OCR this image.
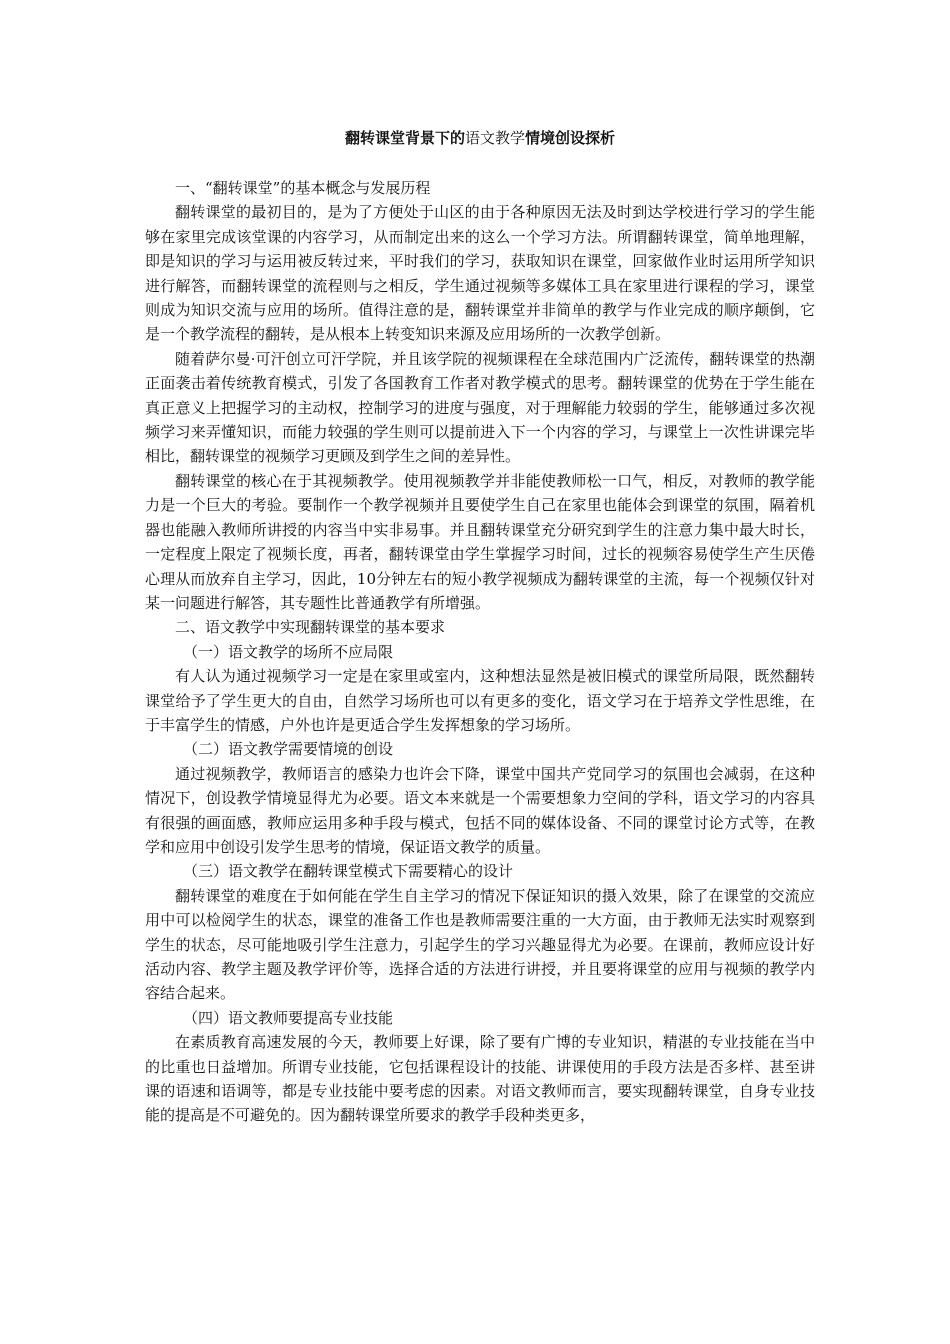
翻转课堂背景下的语文教学情境创设探析
一、“翻转课堂”的基本概念与发展历程
翻转课堂的最初目的，是为了方便处于山区的由于各种原因无法及时到达学校进行学习的学生能够在家里完成该堂课的内容学习，从而制定出来的这么一个学习方法。所谓翻转课堂，简单地理解，即是知识的学习与运用被反转过来，平时我们的学习，获取知识在课堂，回家做作业时运用所学知识进行解答，而翻转课堂的流程则与之相反，学生通过视频等多媒体工具在家里进行课程的学习，课堂则成为知识交流与应用的场所。值得注意的是，翻转课堂并非简单的教学与作业完成的顺序颠倒，它是一个教学流程的翻转，是从根本上转变知识来源及应用场所的一次教学创新。
随着萨尔曼·可汗创立可汗学院，并且该学院的视频课程在全球范围内广泛流传，翻转课堂的热潮正面袭击着传统教育模式，引发了各国教育工作者对教学模式的思考。翻转课堂的优势在于学生能在真正意义上把握学习的主动权，控制学习的进度与强度，对于理解能力较弱的学生，能够通过多次视频学习来弄懂知识，而能力较强的学生则可以提前进入下一个内容的学习，与课堂上一次性讲课完毕相比，翻转课堂的视频学习更顾及到学生之间的差异性。
翻转课堂的核心在于其视频教学。使用视频教学并非能使教师松一口气，相反，对教师的教学能力是一个巨大的考验。要制作一个教学视频并且要使学生自己在家里也能体会到课堂的氛围，隔着机器也能融入教师所讲授的内容当中实非易事。并且翻转课堂充分研究到学生的注意力集中最大时长，一定程度上限定了视频长度，再者，翻转课堂由学生掌握学习时间，过长的视频容易使学生产生厌倦心理从而放弃自主学习，因此，10分钟左右的短小教学视频成为翻转课堂的主流，每一个视频仅针对某一问题进行解答，其专题性比普通教学有所增强。
二、语文教学中实现翻转课堂的基本要求
（一）语文教学的场所不应局限
有人认为通过视频学习一定是在家里或室内，这种想法显然是被旧模式的课堂所局限，既然翻转课堂给予了学生更大的自由，自然学习场所也可以有更多的变化，语文学习在于培养文学性思维，在于丰富学生的情感，户外也许是更适合学生发挥想象的学习场所。
（二）语文教学需要情境的创设
通过视频教学，教师语言的感染力也许会下降，课堂中国共产党同学习的氛围也会减弱，在这种情况下，创设教学情境显得尤为必要。语文本来就是一个需要想象力空间的学科，语文学习的内容具有很强的画面感，教师应运用多种手段与模式，包括不同的媒体设备、不同的课堂讨论方式等，在教学和应用中创设引发学生思考的情境，保证语文教学的质量。
（三）语文教学在翻转课堂模式下需要精心的设计
翻转课堂的难度在于如何能在学生自主学习的情况下保证知识的摄入效果，除了在课堂的交流应用中可以检阅学生的状态，课堂的准备工作也是教师需要注重的一大方面，由于教师无法实时观察到学生的状态，尽可能地吸引学生注意力，引起学生的学习兴趣显得尤为必要。在课前，教师应设计好活动内容、教学主题及教学评价等，选择合适的方法进行讲授，并且要将课堂的应用与视频的教学内容结合起来。
（四）语文教师要提高专业技能
在素质教育高速发展的今天，教师要上好课，除了要有广博的专业知识，精湛的专业技能在当中的比重也日益增加。所谓专业技能，它包括课程设计的技能、讲课使用的手段方法是否多样、甚至讲课的语速和语调等，都是专业技能中要考虑的因素。对语文教师而言，要实现翻转课堂，自身专业技能的提高是不可避免的。因为翻转课堂所要求的教学手段种类更多，
